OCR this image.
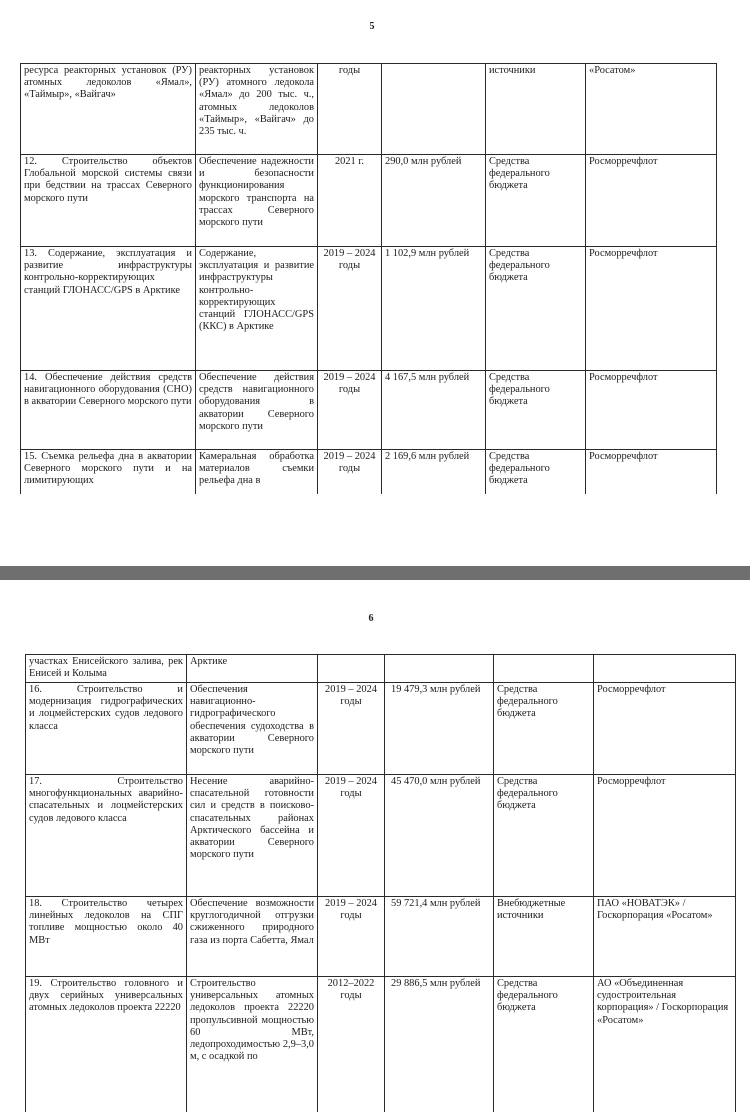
5
ресурса реакторных установок (РУ) атомных ледоколов «Ямал», «Таймыр», «Вайгач»	реакторных установок (РУ) атомного ледокола «Ямал» до 200 тыс. ч., атомных ледоколов «Таймыр», «Вайгач» до 235 тыс. ч.	годы		источники	«Росатом»
12. Строительство объектов Глобальной морской системы связи при бедствии на трассах Северного морского пути	Обеспечение надежности и безопасности функционирования морского транспорта на трассах Северного морского пути	2021 г.	290,0 млн рублей	Средства федерального бюджета	Росморречфлот
13. Содержание, эксплуатация и развитие инфраструктуры контрольно-корректирующих станций ГЛОНАСС/GPS в Арктике	Содержание, эксплуатация и развитие инфраструктуры контрольно-корректирующих станций ГЛОНАСС/GPS (ККС) в Арктике	2019 – 2024 годы	1 102,9 млн рублей	Средства федерального бюджета	Росморречфлот
14. Обеспечение действия средств навигационного оборудования (СНО) в акватории Северного морского пути	Обеспечение действия средств навигационного оборудования в акватории Северного морского пути	2019 – 2024 годы	4 167,5 млн рублей	Средства федерального бюджета	Росморречфлот
15. Съемка рельефа дна в акватории Северного морского пути и на лимитирующих	Камеральная обработка материалов съемки рельефа дна в	2019 – 2024 годы	2 169,6 млн рублей	Средства федерального бюджета	Росморречфлот
6
участках Енисейского залива, рек Енисей и Колыма	Арктике				
16. Строительство и модернизация гидрографических и лоцмейстерских судов ледового класса	Обеспечения навигационно-гидрографического обеспечения судоходства в акватории Северного морского пути	2019 – 2024 годы	19 479,3 млн рублей	Средства федерального бюджета	Росморречфлот
17. Строительство многофункциональных аварийно-спасательных и лоцмейстерских судов ледового класса	Несение аварийно-спасательной готовности сил и средств в поисково-спасательных районах Арктического бассейна и акватории Северного морского пути	2019 – 2024 годы	45 470,0 млн рублей	Средства федерального бюджета	Росморречфлот
18. Строительство четырех линейных ледоколов на СПГ топливе мощностью около 40 МВт	Обеспечение возможности круглогодичной отгрузки сжиженного природного газа из порта Сабетта, Ямал	2019 – 2024 годы	59 721,4 млн рублей	Внебюджетные источники	ПАО «НОВАТЭК» / Госкорпорация «Росатом»
19. Строительство головного и двух серийных универсальных атомных ледоколов проекта 22220	Строительство универсальных атомных ледоколов проекта 22220 пропульсивной мощностью 60 МВт, ледопроходимостью 2,9–3,0 м, с осадкой по	2012–2022 годы	29 886,5 млн рублей	Средства федерального бюджета	АО «Объединенная судостроительная корпорация» / Госкорпорация «Росатом»
